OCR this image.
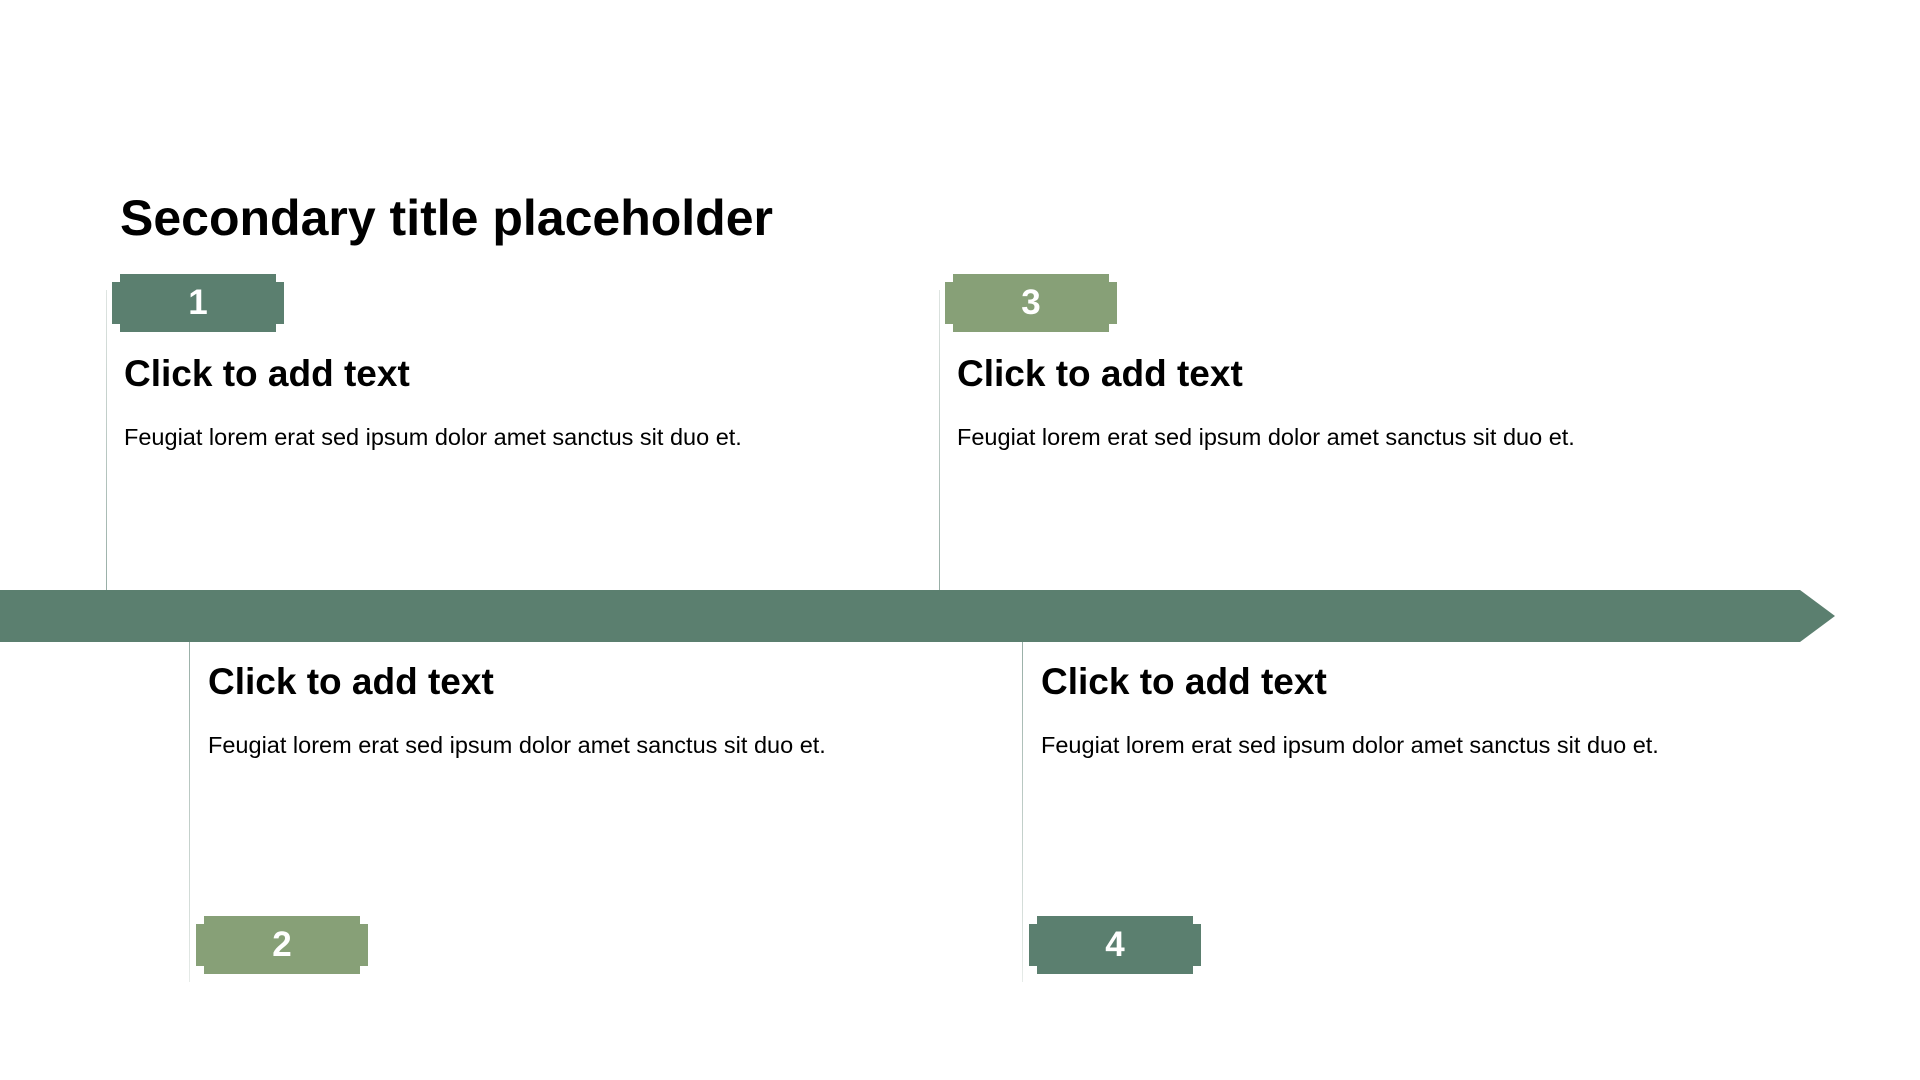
Secondary title placeholder
1
Click to add text
Feugiat lorem erat sed ipsum dolor amet sanctus sit duo et.
3
Click to add text
Feugiat lorem erat sed ipsum dolor amet sanctus sit duo et.
Click to add text
Feugiat lorem erat sed ipsum dolor amet sanctus sit duo et.
2
Click to add text
Feugiat lorem erat sed ipsum dolor amet sanctus sit duo et.
4
